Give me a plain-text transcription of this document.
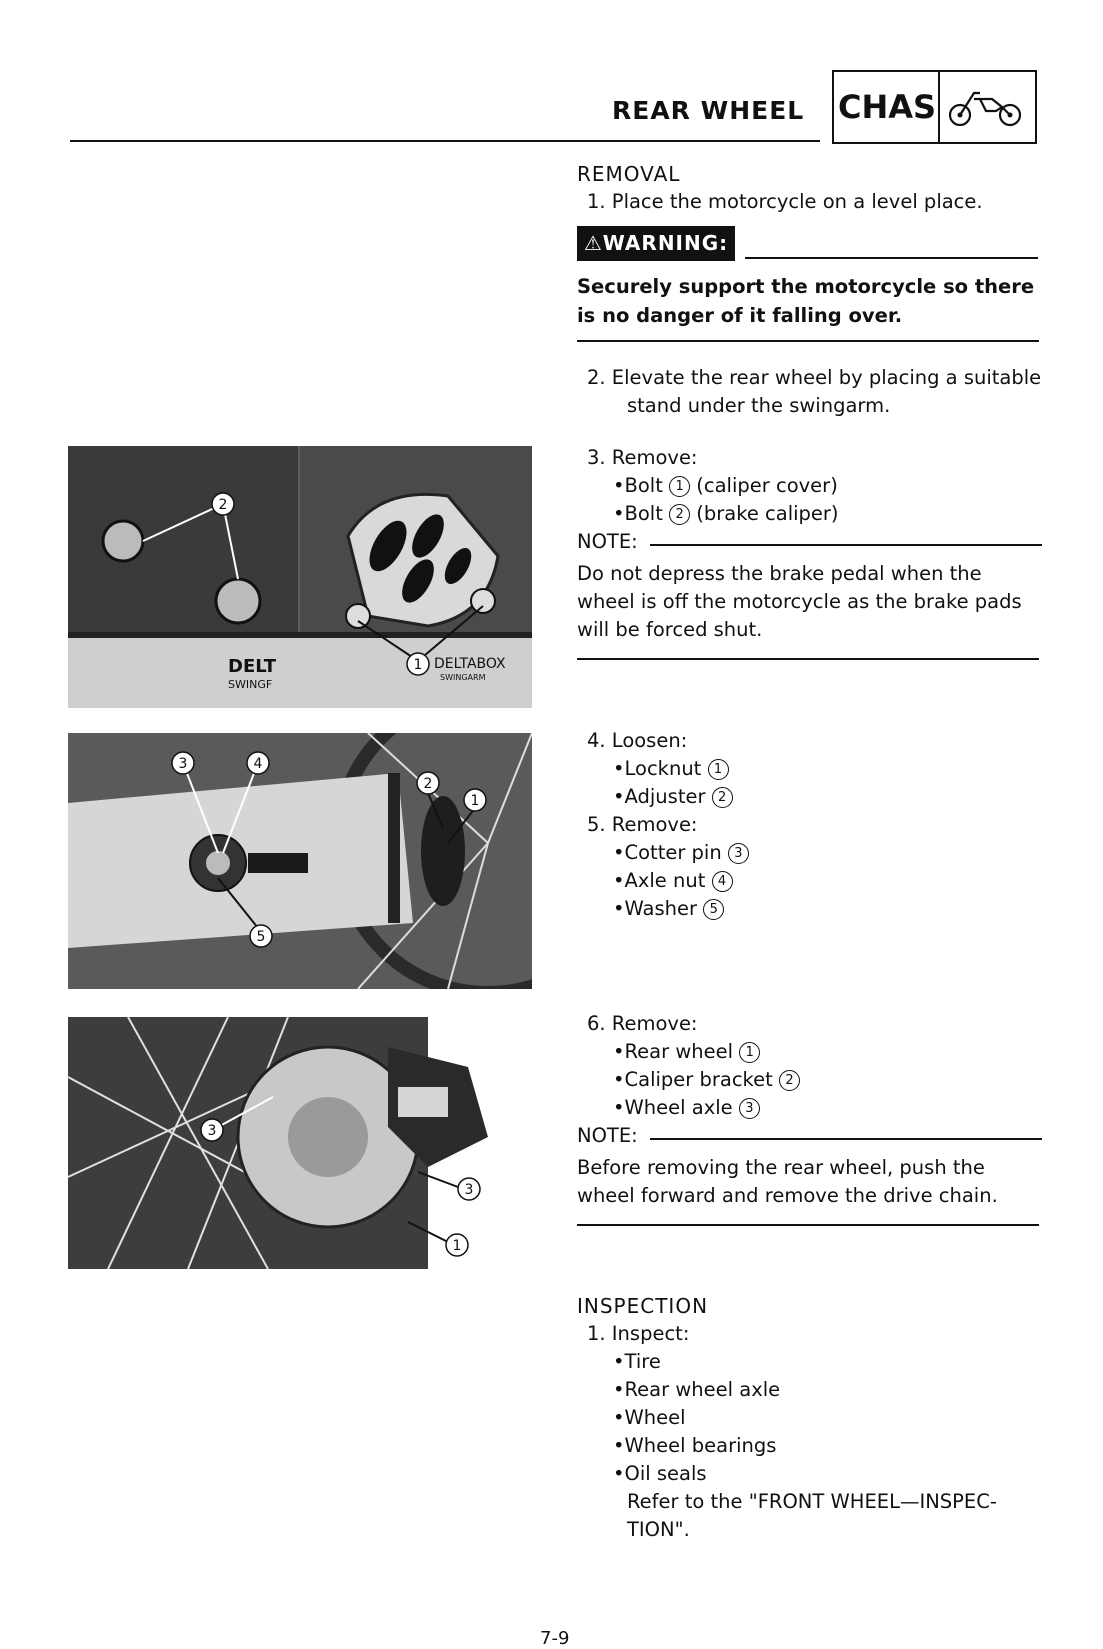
REAR WHEEL CHAS
REMOVAL
1. Place the motorcycle on a level place.
⚠WARNING:
Securely support the motorcycle so there is no danger of it falling over.
2. Elevate the rear wheel by placing a suitable
stand under the swingarm.
3. Remove:
•Bolt 1 (caliper cover)
•Bolt 2 (brake caliper)
NOTE:
Do not depress the brake pedal when the wheel is off the motorcycle as the brake pads will be forced shut.
4. Loosen:
•Locknut 1
•Adjuster 2
5. Remove:
•Cotter pin 3
•Axle nut 4
•Washer 5
6. Remove:
•Rear wheel 1
•Caliper bracket 2
•Wheel axle 3
NOTE:
Before removing the rear wheel, push the wheel forward and remove the drive chain.
INSPECTION
1. Inspect:
•Tire
•Rear wheel axle
•Wheel
•Wheel bearings
•Oil seals
Refer to the "FRONT WHEEL—INSPEC-
TION".
2
1
DELT
SWINGF
DELTABOX
SWINGARM
3	4
2
1
5
3
3
1
7-9
